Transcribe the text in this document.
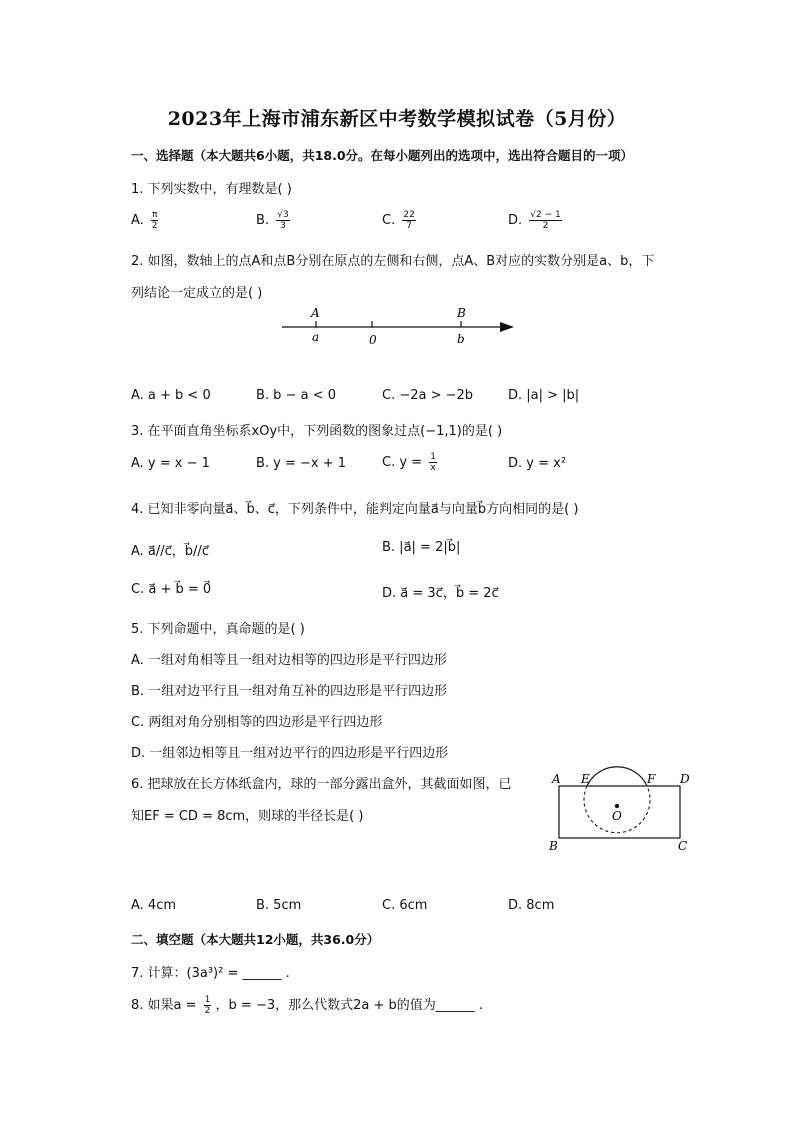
2023年上海市浦东新区中考数学模拟试卷（5月份）
一、选择题（本大题共6小题，共18.0分。在每小题列出的选项中，选出符合题目的一项）
1. 下列实数中，有理数是( )
A. $\frac{\pi}{2}$	B. $\frac{√3}{3}$	C. $\frac{22}{7}$	D. $\frac{√2 - 1}{2}$
2. 如图，数轴上的点A和点B分别在原点的左侧和右侧，点A、B对应的实数分别是a、b，下
列结论一定成立的是( )
A
a	0
B
b
A. a + b < 0	B. b − a < 0	C. −2a > −2b	D. |a| > |b|
3. 在平面直角坐标系xOy中，下列函数的图象过点(−1,1)的是( )
A. y = x − 1	B. y = −x + 1	C. $y = \frac{1}{x}$	D. y = x²
4. 已知非零向量a⃗、b⃗、c⃗，下列条件中，能判定向量a⃗与向量b⃗方向相同的是( )
A. a⃗//c⃗，b⃗//c⃗	B. |a⃗| = 2|b⃗|
C. a⃗ + b⃗ = 0⃗	D. a⃗ = 3c⃗，b⃗ = 2c⃗
5. 下列命题中，真命题的是( )
A. 一组对角相等且一组对边相等的四边形是平行四边形
B. 一组对边平行且一组对角互补的四边形是平行四边形
C. 两组对角分别相等的四边形是平行四边形
D. 一组邻边相等且一组对边平行的四边形是平行四边形
6. 把球放在长方体纸盒内，球的一部分露出盒外，其截面如图，已
知EF = CD = 8cm，则球的半径长是( )
A E	F D
O
B	C
A. 4cm	B. 5cm	C. 6cm	D. 8cm
二、填空题（本大题共12小题，共36.0分）
7. 计算：(3a³)² = ______ .
8. 如果$a = \frac{1}{2}$ ，b = −3，那么代数式2a + b的值为______ .
